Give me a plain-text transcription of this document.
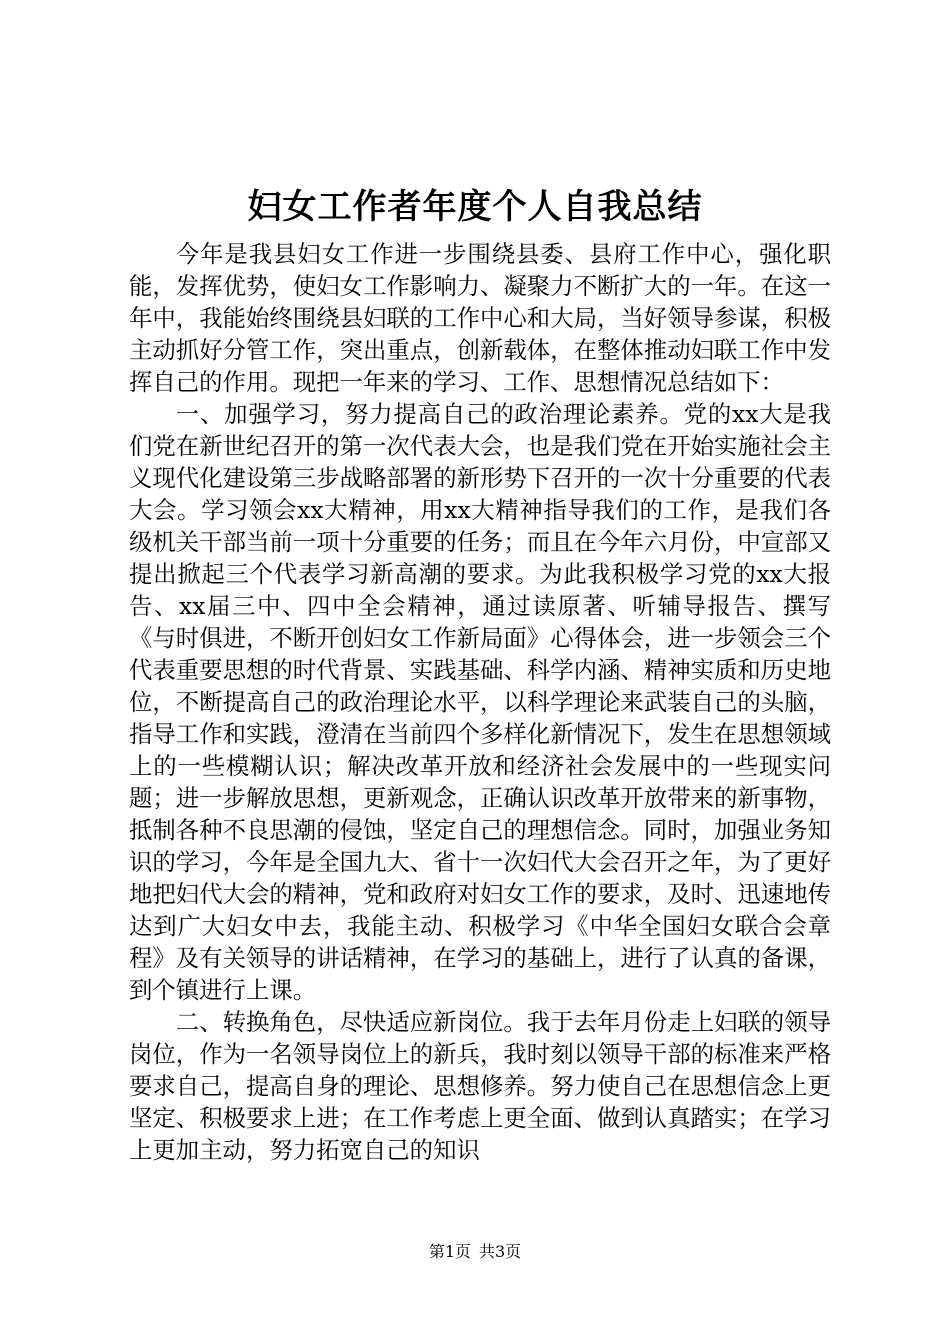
妇女工作者年度个人自我总结

今年是我县妇女工作进一步围绕县委、县府工作中心，强化职能，发挥优势，使妇女工作影响力、凝聚力不断扩大的一年。在这一年中，我能始终围绕县妇联的工作中心和大局，当好领导参谋，积极主动抓好分管工作，突出重点，创新载体，在整体推动妇联工作中发挥自己的作用。现把一年来的学习、工作、思想情况总结如下：

一、加强学习，努力提高自己的政治理论素养。党的xx大是我们党在新世纪召开的第一次代表大会，也是我们党在开始实施社会主义现代化建设第三步战略部署的新形势下召开的一次十分重要的代表大会。学习领会xx大精神，用xx大精神指导我们的工作，是我们各级机关干部当前一项十分重要的任务；而且在今年六月份，中宣部又提出掀起三个代表学习新高潮的要求。为此我积极学习党的xx大报告、xx届三中、四中全会精神，通过读原著、听辅导报告、撰写《与时俱进，不断开创妇女工作新局面》心得体会，进一步领会三个代表重要思想的时代背景、实践基础、科学内涵、精神实质和历史地位，不断提高自己的政治理论水平，以科学理论来武装自己的头脑，指导工作和实践，澄清在当前四个多样化新情况下，发生在思想领域上的一些模糊认识；解决改革开放和经济社会发展中的一些现实问题；进一步解放思想，更新观念，正确认识改革开放带来的新事物，抵制各种不良思潮的侵蚀，坚定自己的理想信念。同时，加强业务知识的学习，今年是全国九大、省十一次妇代大会召开之年，为了更好地把妇代大会的精神，党和政府对妇女工作的要求，及时、迅速地传达到广大妇女中去，我能主动、积极学习《中华全国妇女联合会章程》及有关领导的讲话精神，在学习的基础上，进行了认真的备课，到个镇进行上课。

二、转换角色，尽快适应新岗位。我于去年月份走上妇联的领导岗位，作为一名领导岗位上的新兵，我时刻以领导干部的标准来严格要求自己，提高自身的理论、思想修养。努力使自己在思想信念上更坚定、积极要求上进；在工作考虑上更全面、做到认真踏实；在学习上更加主动，努力拓宽自己的知识

第1页 共3页
